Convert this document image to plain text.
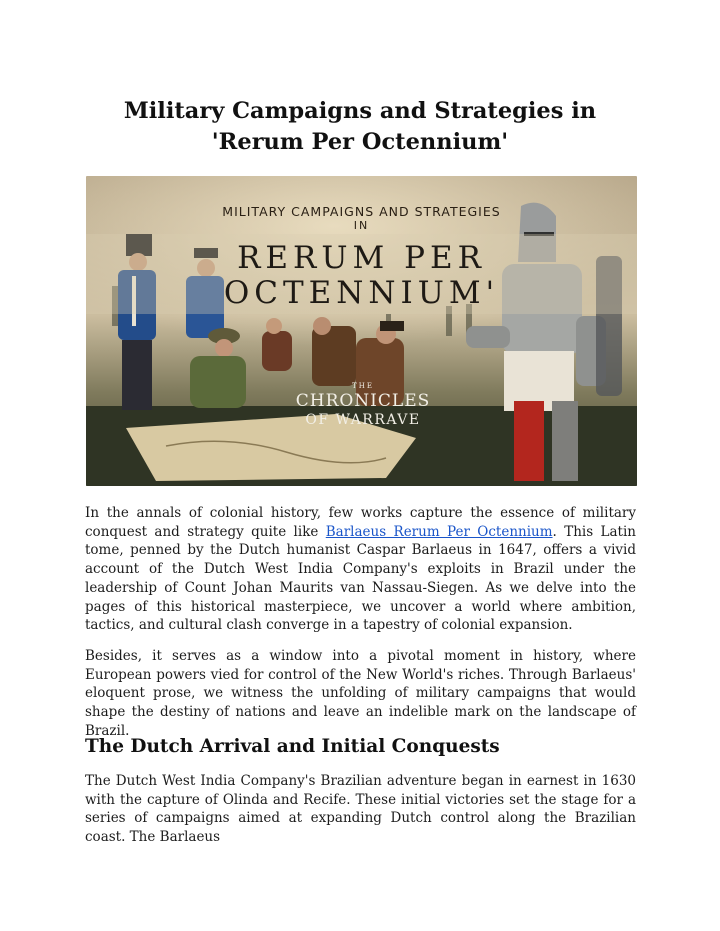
Military Campaigns and Strategies in 'Rerum Per Octennium'
MILITARY CAMPAIGNS AND STRATEGIES
IN
RERUM PER
OCTENNIUM'
THE
CHRONICLES
OF WARRAVE

In the annals of colonial history, few works capture the essence of military conquest and strategy quite like Barlaeus Rerum Per Octennium. This Latin tome, penned by the Dutch humanist Caspar Barlaeus in 1647, offers a vivid account of the Dutch West India Company's exploits in Brazil under the leadership of Count Johan Maurits van Nassau-Siegen. As we delve into the pages of this historical masterpiece, we uncover a world where ambition, tactics, and cultural clash converge in a tapestry of colonial expansion.

Besides, it serves as a window into a pivotal moment in history, where European powers vied for control of the New World's riches. Through Barlaeus' eloquent prose, we witness the unfolding of military campaigns that would shape the destiny of nations and leave an indelible mark on the landscape of Brazil.

The Dutch Arrival and Initial Conquests

The Dutch West India Company's Brazilian adventure began in earnest in 1630 with the capture of Olinda and Recife. These initial victories set the stage for a series of campaigns aimed at expanding Dutch control along the Brazilian coast. The Barlaeus
